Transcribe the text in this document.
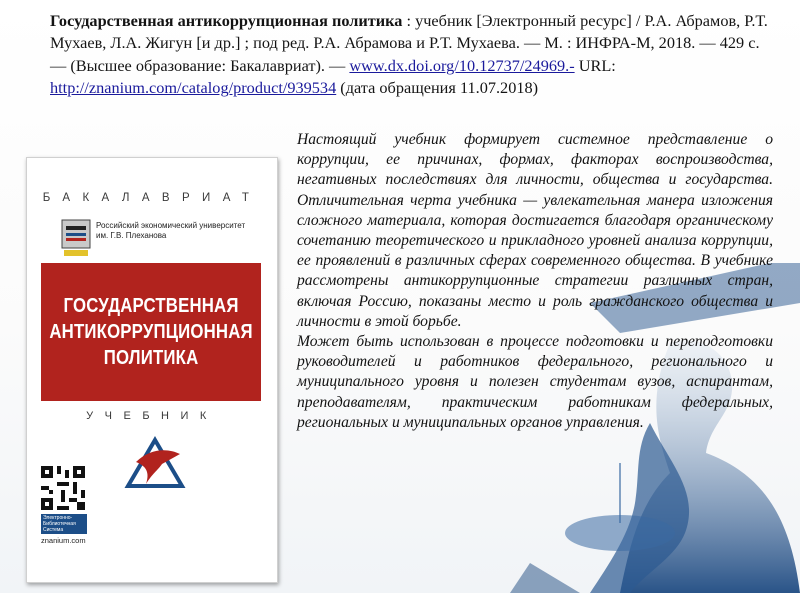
Государственная антикоррупционная политика : учебник [Электронный ресурс] / Р.А. Абрамов, Р.Т. Мухаев, Л.А. Жигун [и др.] ; под ред. Р.А. Абрамова и Р.Т. Мухаева. — М. : ИНФРА-М, 2018. — 429 с. — (Высшее образование: Бакалавриат). — www.dx.doi.org/10.12737/24969.- URL: http://znanium.com/catalog/product/939534 (дата обращения 11.07.2018)
БАКАЛАВРИАТ
Российский экономический университет им. Г.В. Плеханова
ГОСУДАРСТВЕННАЯ
АНТИКОРРУПЦИОННАЯ
ПОЛИТИКА
УЧЕБНИК
Электронно-
Библиотечная
Система
znanium.com

Настоящий учебник формирует системное представление о коррупции, ее причинах, формах, факторах воспроизводства, негативных последствиях для личности, общества и государства. Отличительная черта учебника — увлекательная манера изложения сложного материала, которая достигается благодаря органическому сочетанию теоретического и прикладного уровней анализа коррупции, ее проявлений в различных сферах современного общества. В учебнике рассмотрены антикоррупционные стратегии различных стран, включая Россию, показаны место и роль гражданского общества и личности в этой борьбе.

Может быть использован в процессе подготовки и переподготовки руководителей и работников федерального, регионального и муниципального уровня и полезен студентам вузов, аспирантам, преподавателям, практическим работникам федеральных, региональных и муниципальных органов управления.
